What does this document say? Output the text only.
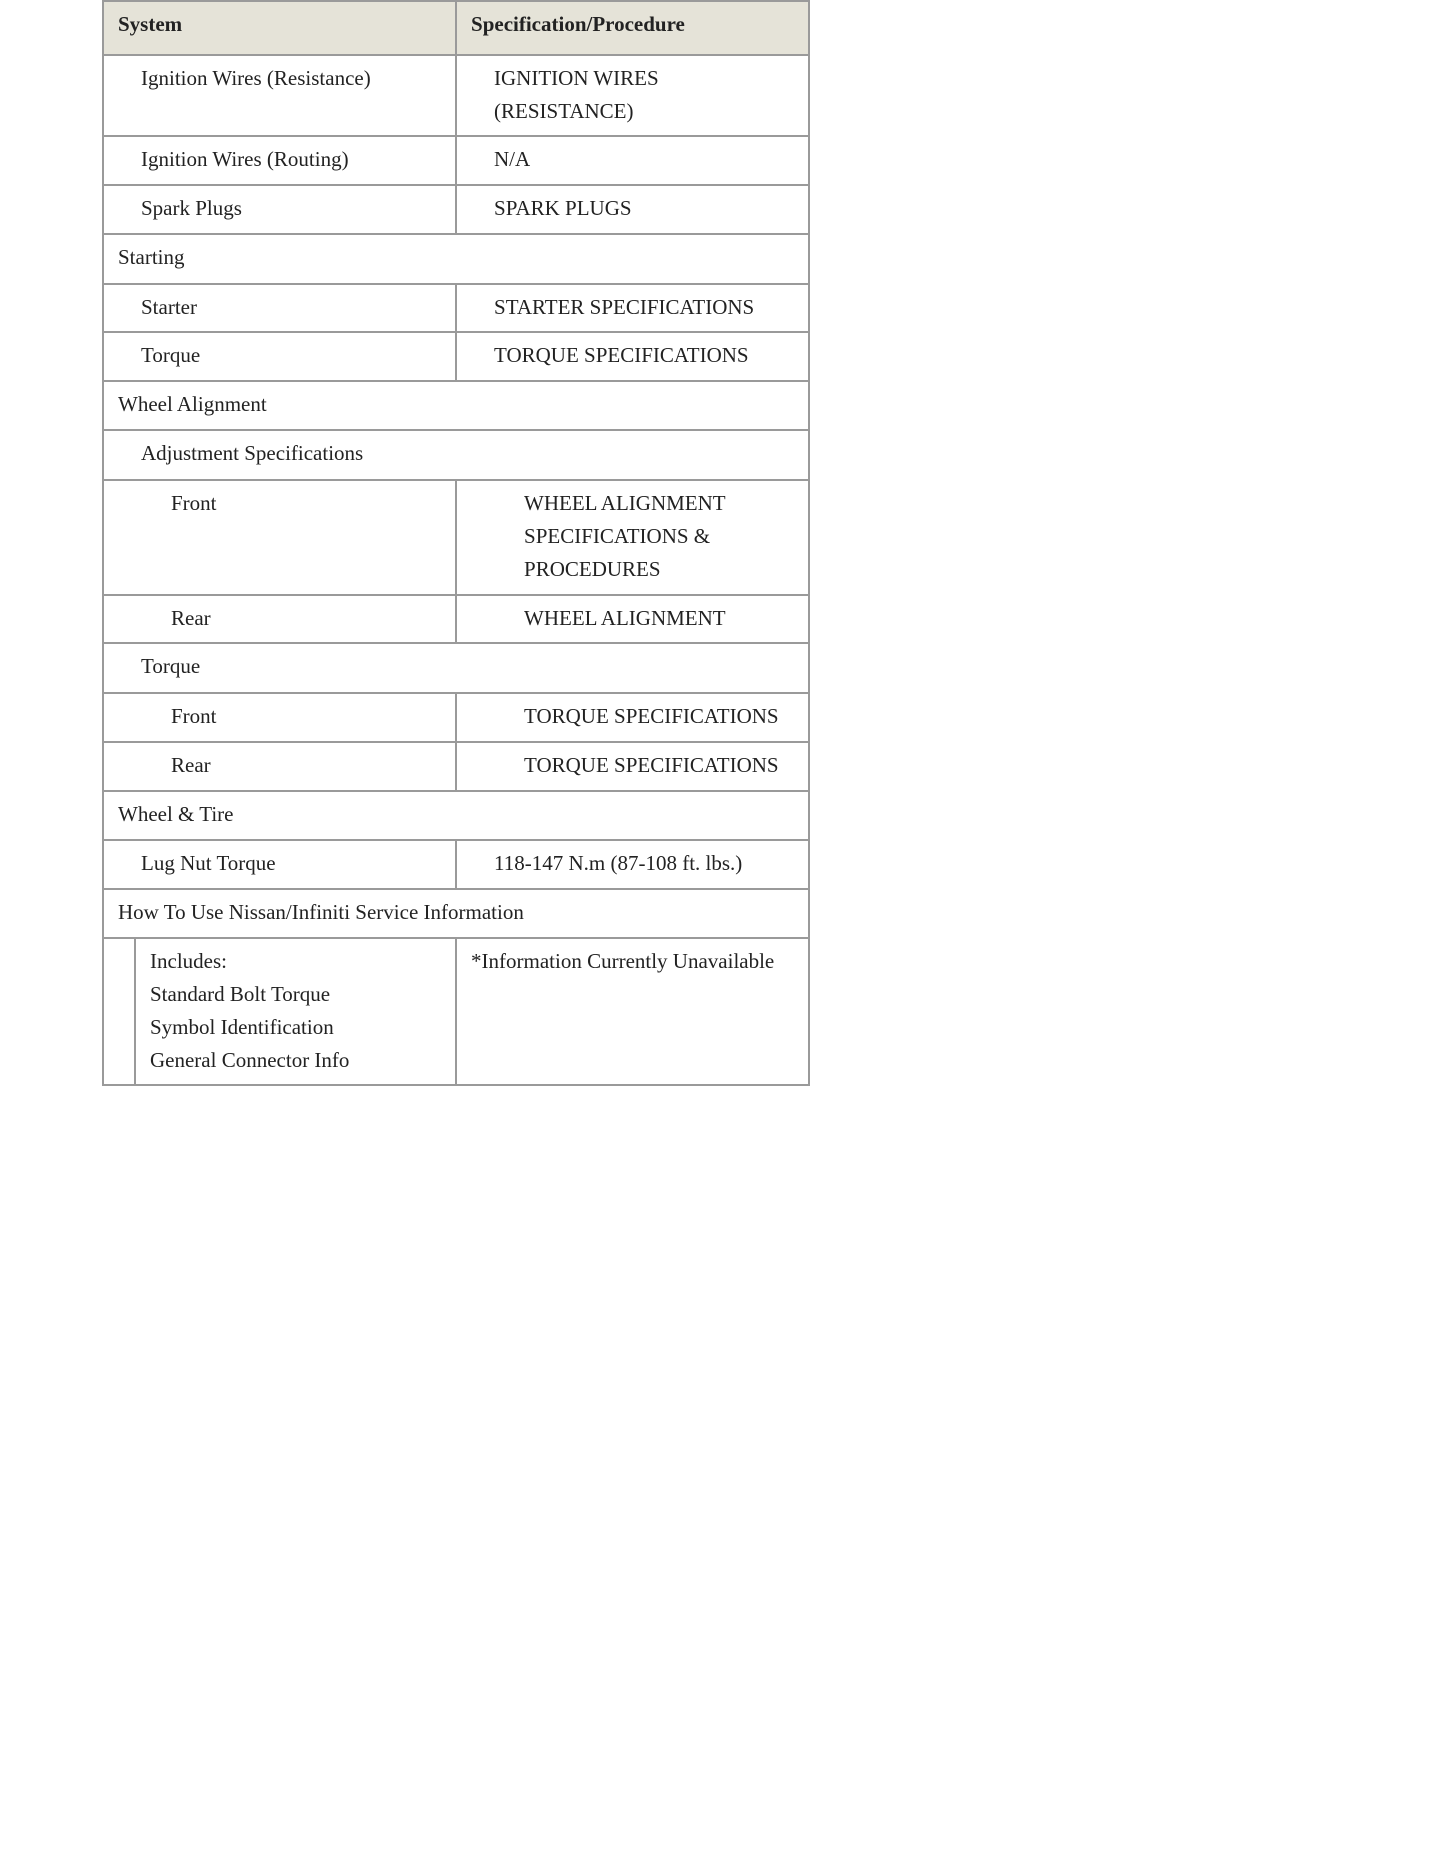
System		Specification/Procedure
Ignition Wires (Resistance)		IGNITION WIRES
(RESISTANCE)

Ignition Wires (Routing)		N/A
Spark Plugs		SPARK PLUGS
Starting		
Starter		STARTER SPECIFICATIONS
Torque		TORQUE SPECIFICATIONS
Wheel Alignment		
Adjustment Specifications		
Front		WHEEL ALIGNMENT
SPECIFICATIONS &
PROCEDURES

Rear		WHEEL ALIGNMENT
Torque		
Front		TORQUE SPECIFICATIONS
Rear		TORQUE SPECIFICATIONS
Wheel & Tire		
Lug Nut Torque		118-147 N.m (87-108 ft. lbs.)
How To Use Nissan/Infiniti Service Information		

	Includes:
Standard Bolt Torque
Symbol Identification
General Connector Info	*Information Currently Unavailable
